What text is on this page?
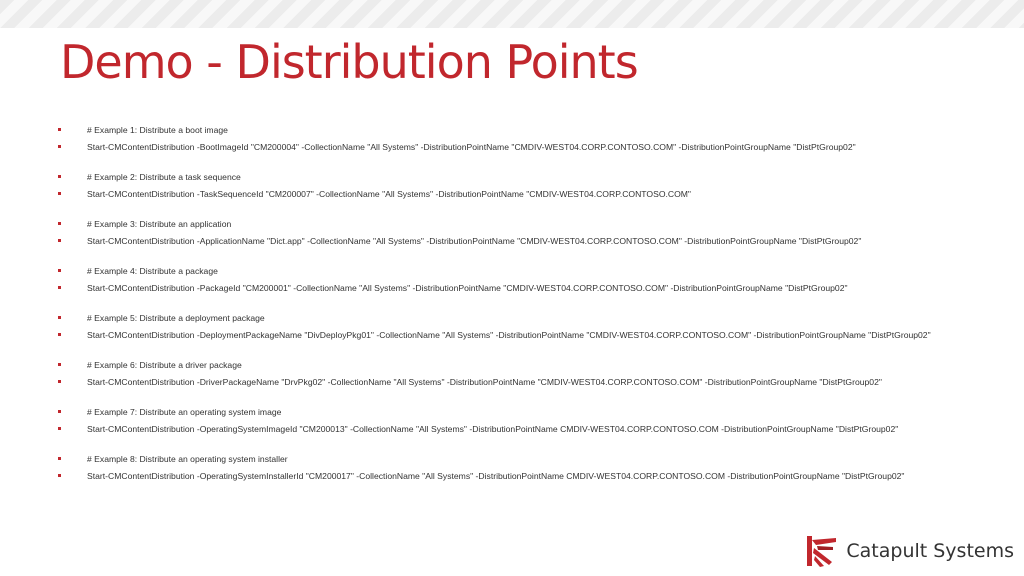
Demo - Distribution Points
# Example 1: Distribute a boot image
Start-CMContentDistribution -BootImageId "CM200004" -CollectionName "All Systems" -DistributionPointName "CMDIV-WEST04.CORP.CONTOSO.COM" -DistributionPointGroupName "DistPtGroup02"
# Example 2: Distribute a task sequence
Start-CMContentDistribution -TaskSequenceId "CM200007" -CollectionName "All Systems" -DistributionPointName "CMDIV-WEST04.CORP.CONTOSO.COM"
# Example 3: Distribute an application
Start-CMContentDistribution -ApplicationName "Dict.app" -CollectionName "All Systems" -DistributionPointName "CMDIV-WEST04.CORP.CONTOSO.COM" -DistributionPointGroupName "DistPtGroup02"
# Example 4: Distribute a package
Start-CMContentDistribution -PackageId "CM200001" -CollectionName "All Systems" -DistributionPointName "CMDIV-WEST04.CORP.CONTOSO.COM" -DistributionPointGroupName "DistPtGroup02"
# Example 5: Distribute a deployment package
Start-CMContentDistribution -DeploymentPackageName "DivDeployPkg01" -CollectionName "All Systems" -DistributionPointName "CMDIV-WEST04.CORP.CONTOSO.COM" -DistributionPointGroupName "DistPtGroup02"
# Example 6: Distribute a driver package
Start-CMContentDistribution -DriverPackageName "DrvPkg02" -CollectionName "All Systems" -DistributionPointName "CMDIV-WEST04.CORP.CONTOSO.COM" -DistributionPointGroupName "DistPtGroup02"
# Example 7: Distribute an operating system image
Start-CMContentDistribution -OperatingSystemImageId "CM200013" -CollectionName "All Systems" -DistributionPointName CMDIV-WEST04.CORP.CONTOSO.COM -DistributionPointGroupName "DistPtGroup02"
# Example 8: Distribute an operating system installer
Start-CMContentDistribution -OperatingSystemInstallerId "CM200017" -CollectionName "All Systems" -DistributionPointName CMDIV-WEST04.CORP.CONTOSO.COM -DistributionPointGroupName "DistPtGroup02"
Catapult Systems
